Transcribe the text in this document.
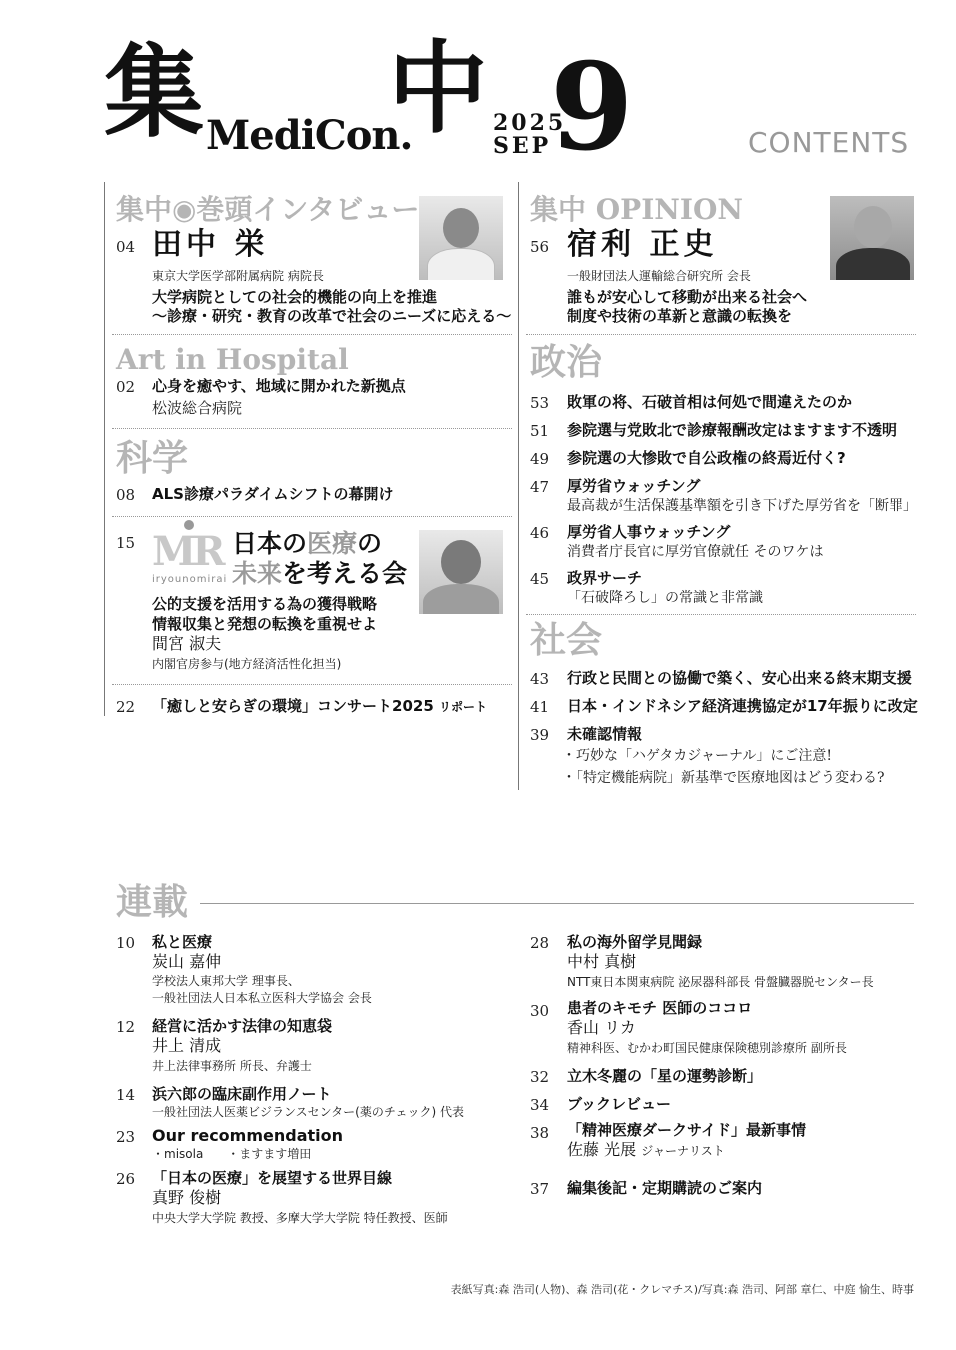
集 MediCon.
中 2025
SEP
9	CONTENTS
集中◉巻頭インタビュー
04 田中 栄
東京大学医学部附属病院 病院長
大学病院としての社会的機能の向上を推進
〜診療・研究・教育の改革で社会のニーズに応える〜
Art in Hospital
02 心身を癒やす、地域に開かれた新拠点
松波総合病院
科学
08 ALS診療パラダイムシフトの幕開け
15 MR
iryounomirai
日本の医療の
未来を考える会
公的支援を活用する為の獲得戦略
情報収集と発想の転換を重視せよ
間宮 淑夫
内閣官房参与(地方経済活性化担当)
22 「癒しと安らぎの環境」コンサート2025 リポート
集中 OPINION
56 宿利 正史
一般財団法人運輸総合研究所 会長
誰もが安心して移動が出来る社会へ
制度や技術の革新と意識の転換を
政治
53 敗軍の将、石破首相は何処で間違えたのか
51 参院選与党敗北で診療報酬改定はますます不透明
49 参院選の大惨敗で自公政権の終焉近付く?
47 厚労省ウォッチング
最高裁が生活保護基準額を引き下げた厚労省を「断罪」
46 厚労省人事ウォッチング
消費者庁長官に厚労官僚就任 そのワケは
45 政界サーチ
「石破降ろし」の常識と非常識
社会
43 行政と民間との協働で築く、安心出来る終末期支援
41 日本・インドネシア経済連携協定が17年振りに改定
39 未確認情報
・巧妙な「ハゲタカジャーナル」にご注意!
・「特定機能病院」新基準で医療地図はどう変わる?
連載
10 私と医療
炭山 嘉伸
学校法人東邦大学 理事長、
一般社団法人日本私立医科大学協会 会長
12 経営に活かす法律の知恵袋
井上 清成
井上法律事務所 所長、弁護士
14 浜六郎の臨床副作用ノート
一般社団法人医薬ビジランスセンター(薬のチェック) 代表
23 Our recommendation
・misola　　・ますます増田
26 「日本の医療」を展望する世界目線
真野 俊樹
中央大学大学院 教授、多摩大学大学院 特任教授、医師
28 私の海外留学見聞録
中村 真樹
NTT東日本関東病院 泌尿器科部長 骨盤臓器脱センター長
30 患者のキモチ 医師のココロ
香山 リカ
精神科医、むかわ町国民健康保険穂別診療所 副所長
32 立木冬麗の「星の運勢診断」
34 ブックレビュー
38 「精神医療ダークサイド」最新事情
佐藤 光展 ジャーナリスト
37 編集後記・定期購読のご案内
表紙写真:森 浩司(人物)、森 浩司(花・クレマチス)/写真:森 浩司、阿部 章仁、中庭 愉生、時事
